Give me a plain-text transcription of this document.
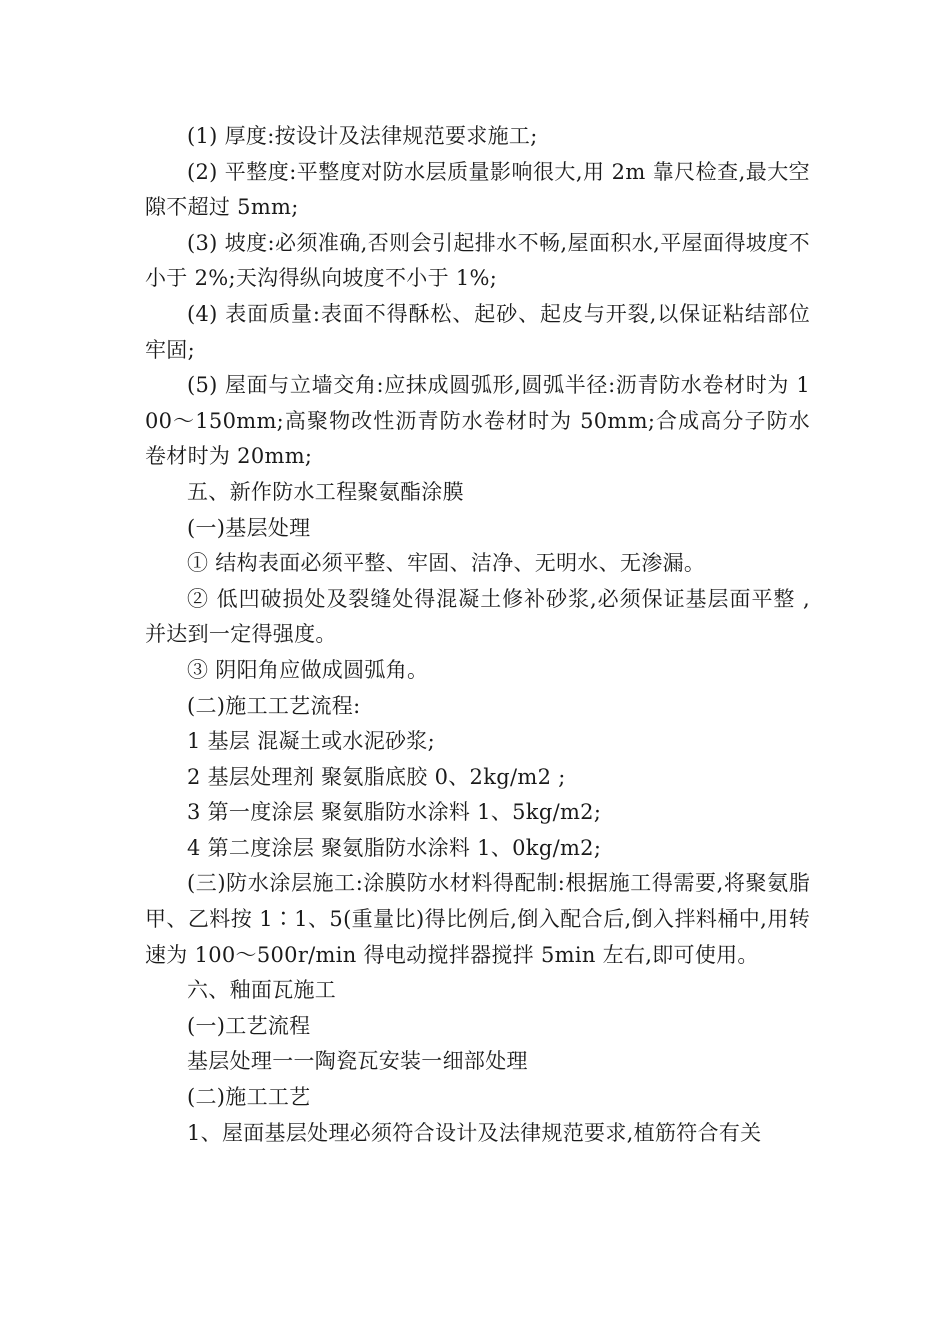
(1) 厚度:按设计及法律规范要求施工;

(2) 平整度:平整度对防水层质量影响很大,用 2m 靠尺检查,最大空隙不超过 5mm;

(3) 坡度:必须准确,否则会引起排水不畅,屋面积水,平屋面得坡度不小于 2%;天沟得纵向坡度不小于 1%;

(4) 表面质量:表面不得酥松、起砂、起皮与开裂,以保证粘结部位牢固;

(5) 屋面与立墙交角:应抹成圆弧形,圆弧半径:沥青防水卷材时为 100～150mm;高聚物改性沥青防水卷材时为 50mm;合成高分子防水卷材时为 20mm;

五、新作防水工程聚氨酯涂膜

(一)基层处理

① 结构表面必须平整、牢固、洁净、无明水、无渗漏。

② 低凹破损处及裂缝处得混凝土修补砂浆,必须保证基层面平整 , 并达到一定得强度。

③ 阴阳角应做成圆弧角。

(二)施工工艺流程:

1 基层 混凝土或水泥砂浆;

2 基层处理剂 聚氨脂底胶 0、2kg/m2 ;

3 第一度涂层 聚氨脂防水涂料 1、5kg/m2;

4 第二度涂层 聚氨脂防水涂料 1、0kg/m2;

(三)防水涂层施工:涂膜防水材料得配制:根据施工得需要,将聚氨脂甲、乙料按 1∶1、5(重量比)得比例后,倒入配合后,倒入拌料桶中,用转速为 100～500r/min 得电动搅拌器搅拌 5min 左右,即可使用。

六、釉面瓦施工

(一)工艺流程

基层处理一一陶瓷瓦安装一细部处理

(二)施工工艺

1、屋面基层处理必须符合设计及法律规范要求,植筋符合有关
